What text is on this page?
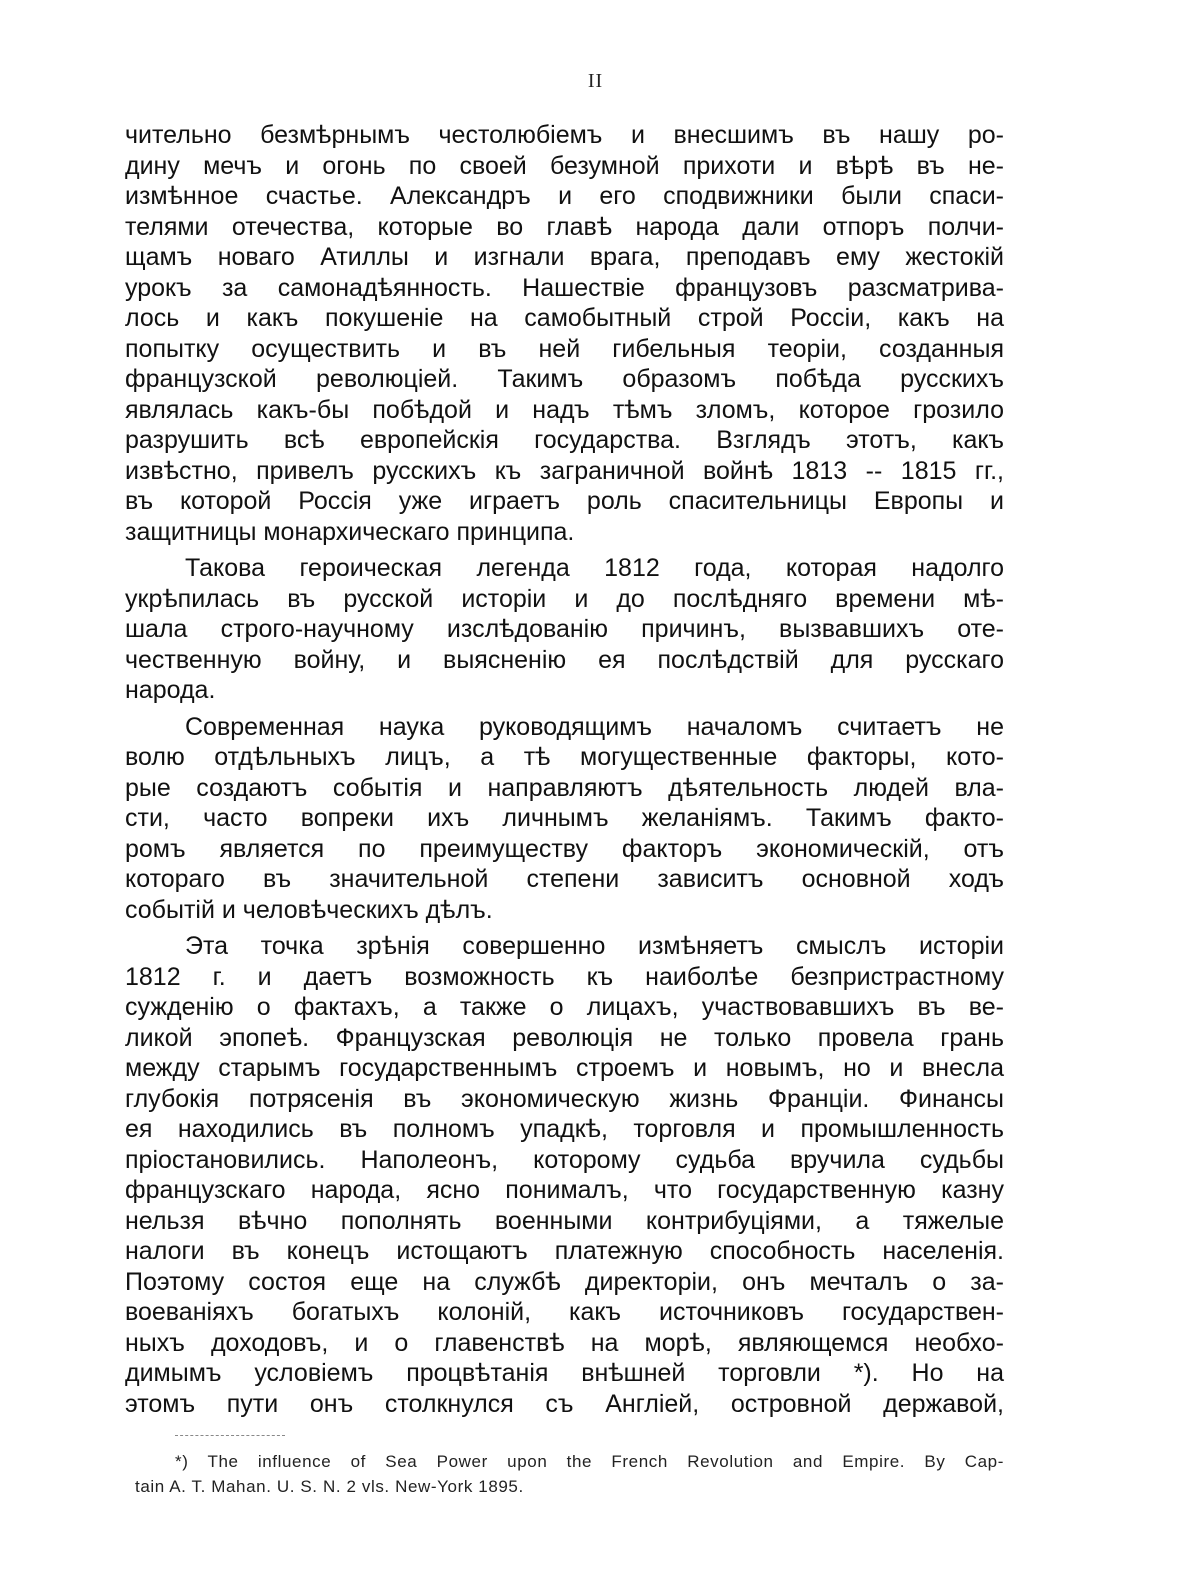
II

чительно безмѣрнымъ честолюбіемъ и внесшимъ въ нашу ро-
дину мечъ и огонь по своей безумной прихоти и вѣрѣ въ не-
измѣнное счастье. Александръ и его сподвижники были спаси-
телями отечества, которые во главѣ народа дали отпоръ полчи-
щамъ новаго Атиллы и изгнали врага, преподавъ ему жестокій
урокъ за самонадѣянность. Нашествіе французовъ разсматрива-
лось и какъ покушеніе на самобытный строй Россіи, какъ на
попытку осуществить и въ ней гибельныя теоріи, созданныя
французской революціей. Такимъ образомъ побѣда русскихъ
являлась какъ-бы побѣдой и надъ тѣмъ зломъ, которое грозило
разрушить всѣ европейскія государства. Взглядъ этотъ, какъ
извѣстно, привелъ русскихъ къ заграничной войнѣ 1813 -- 1815 гг.,
въ которой Россія уже играетъ роль спасительницы Европы и
защитницы монархическаго принципа.

Такова героическая легенда 1812 года, которая надолго
укрѣпилась въ русской исторіи и до послѣдняго времени мѣ-
шала строго-научному изслѣдованію причинъ, вызвавшихъ оте-
чественную войну, и выясненію ея послѣдствій для русскаго
народа.

Современная наука руководящимъ началомъ считаетъ не
волю отдѣльныхъ лицъ, а тѣ могущественные факторы, кото-
рые создаютъ событія и направляютъ дѣятельность людей вла-
сти, часто вопреки ихъ личнымъ желаніямъ. Такимъ факто-
ромъ является по преимуществу факторъ экономическій, отъ
котораго въ значительной степени зависитъ основной ходъ
событій и человѣческихъ дѣлъ.

Эта точка зрѣнія совершенно измѣняетъ смыслъ исторіи
1812 г. и даетъ возможность къ наиболѣе безпристрастному
сужденію о фактахъ, а также о лицахъ, участвовавшихъ въ ве-
ликой эпопеѣ. Французская революція не только провела грань
между старымъ государственнымъ строемъ и новымъ, но и внесла
глубокія потрясенія въ экономическую жизнь Франціи. Финансы
ея находились въ полномъ упадкѣ, торговля и промышленность
пріостановились. Наполеонъ, которому судьба вручила судьбы
французскаго народа, ясно понималъ, что государственную казну
нельзя вѣчно пополнять военными контрибуціями, а тяжелые
налоги въ конецъ истощаютъ платежную способность населенія.
Поэтому состоя еще на службѣ директоріи, онъ мечталъ о за-
воеваніяхъ богатыхъ колоній, какъ источниковъ государствен-
ныхъ доходовъ, и о главенствѣ на морѣ, являющемся необхо-
димымъ условіемъ процвѣтанія внѣшней торговли *). Но на
этомъ пути онъ столкнулся съ Англіей, островной державой,

*) The influence of Sea Power upon the French Revolution and Empire. By Cap-
tain A. T. Mahan. U. S. N. 2 vls. New-York 1895.
